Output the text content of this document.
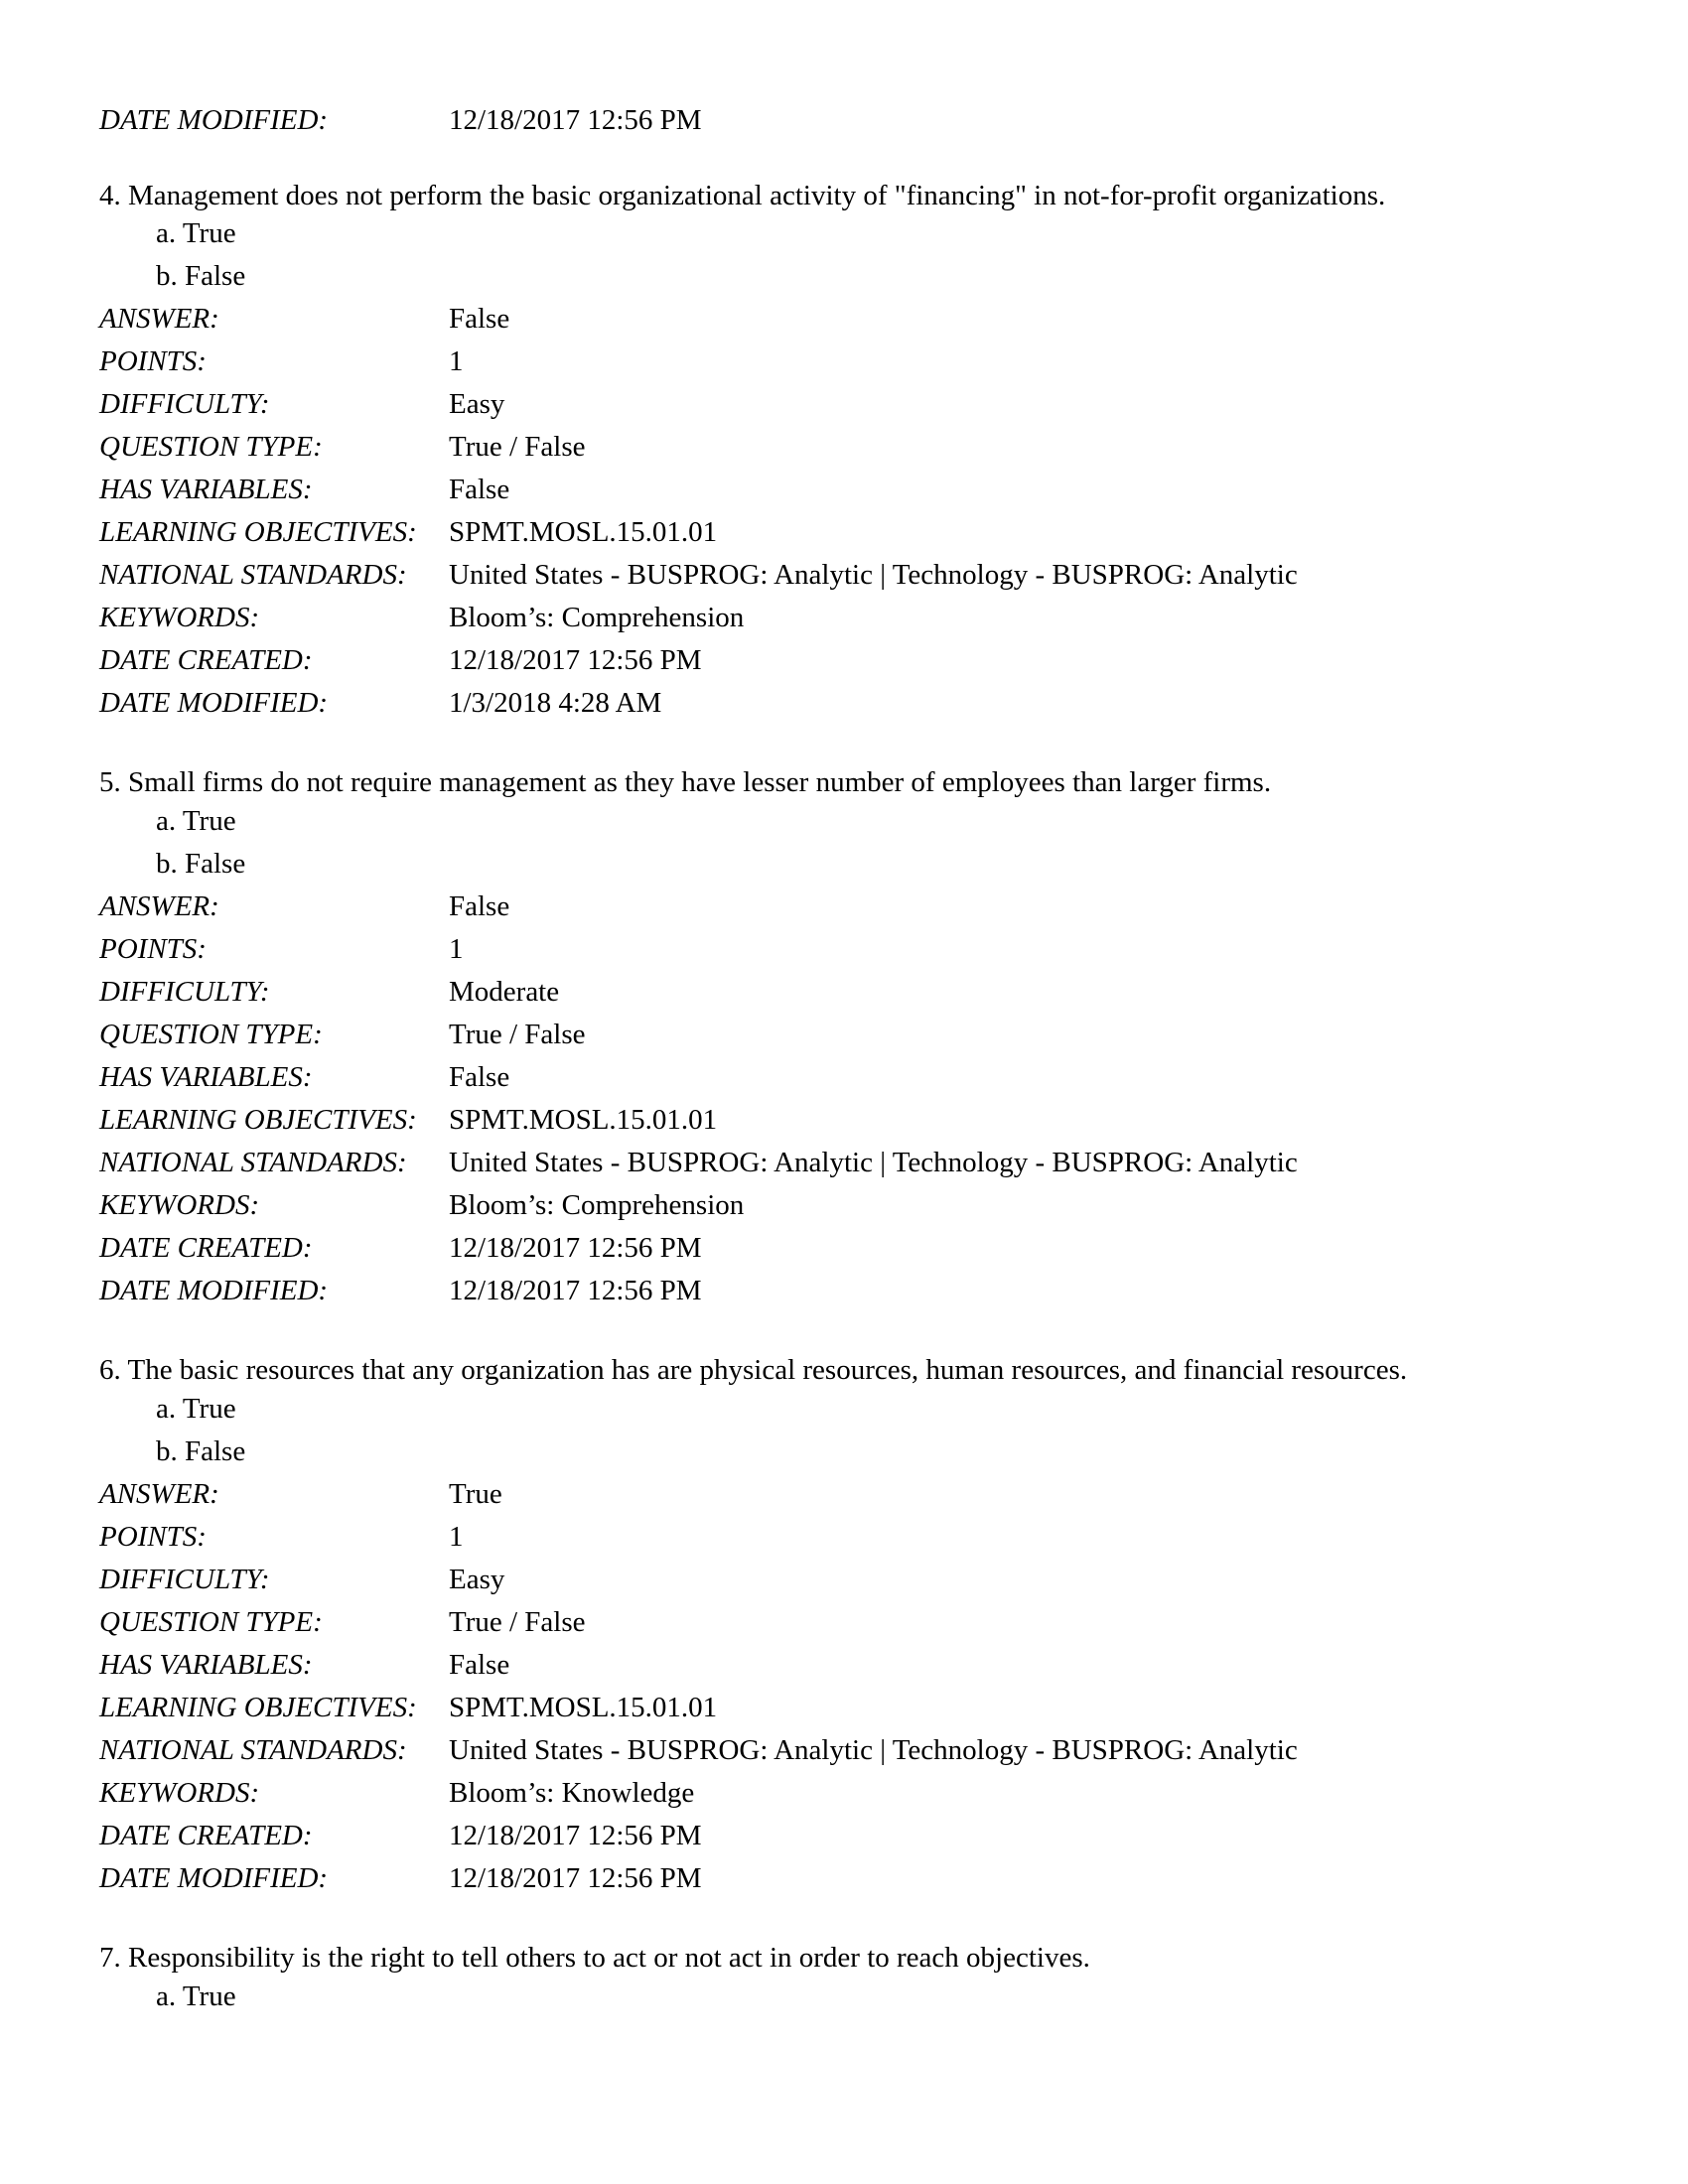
DATE MODIFIED:	12/18/2017 12:56 PM
4. Management does not perform the basic organizational activity of "financing" in not-for-profit organizations.
a. True
b. False
ANSWER:	False
POINTS:	1
DIFFICULTY:	Easy
QUESTION TYPE:	True / False
HAS VARIABLES:	False
LEARNING OBJECTIVES: SPMT.MOSL.15.01.01
NATIONAL STANDARDS: United States - BUSPROG: Analytic | Technology - BUSPROG: Analytic
KEYWORDS:	Bloom’s: Comprehension
DATE CREATED:	12/18/2017 12:56 PM
DATE MODIFIED:	1/3/2018 4:28 AM
5. Small firms do not require management as they have lesser number of employees than larger firms.
a. True
b. False
ANSWER:	False
POINTS:	1
DIFFICULTY:	Moderate
QUESTION TYPE:	True / False
HAS VARIABLES:	False
LEARNING OBJECTIVES: SPMT.MOSL.15.01.01
NATIONAL STANDARDS: United States - BUSPROG: Analytic | Technology - BUSPROG: Analytic
KEYWORDS:	Bloom’s: Comprehension
DATE CREATED:	12/18/2017 12:56 PM
DATE MODIFIED:	12/18/2017 12:56 PM
6. The basic resources that any organization has are physical resources, human resources, and financial resources.
a. True
b. False
ANSWER:	True
POINTS:	1
DIFFICULTY:	Easy
QUESTION TYPE:	True / False
HAS VARIABLES:	False
LEARNING OBJECTIVES: SPMT.MOSL.15.01.01
NATIONAL STANDARDS: United States - BUSPROG: Analytic | Technology - BUSPROG: Analytic
KEYWORDS:	Bloom’s: Knowledge
DATE CREATED:	12/18/2017 12:56 PM
DATE MODIFIED:	12/18/2017 12:56 PM
7. Responsibility is the right to tell others to act or not act in order to reach objectives.
a. True
